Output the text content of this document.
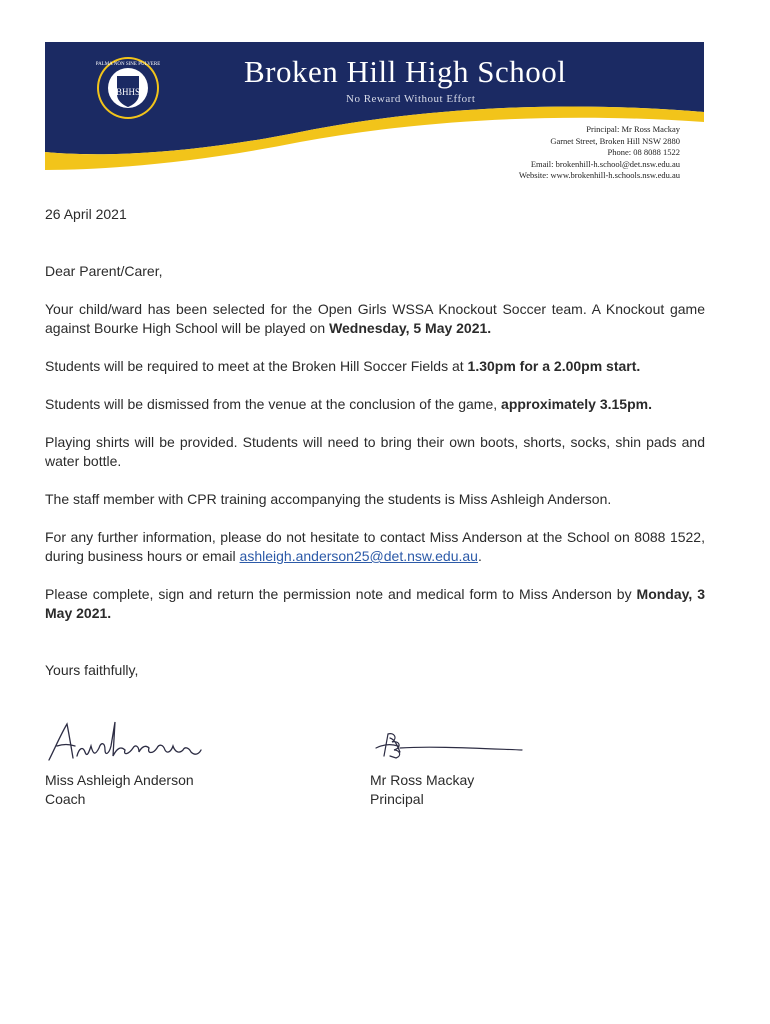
BHHS
PALMA NON SINE PULVERE	Broken Hill High School
No Reward Without Effort
Principal: Mr Ross Mackay
Garnet Street, Broken Hill NSW 2880
Phone: 08 8088 1522
Email: brokenhill-h.school@det.nsw.edu.au
Website: www.brokenhill-h.schools.nsw.edu.au

26 April 2021

Dear Parent/Carer,

Your child/ward has been selected for the Open Girls WSSA Knockout Soccer team. A Knockout game against Bourke High School will be played on Wednesday, 5 May 2021.

Students will be required to meet at the Broken Hill Soccer Fields at 1.30pm for a 2.00pm start.

Students will be dismissed from the venue at the conclusion of the game, approximately 3.15pm.

Playing shirts will be provided. Students will need to bring their own boots, shorts, socks, shin pads and water bottle.

The staff member with CPR training accompanying the students is Miss Ashleigh Anderson.

For any further information, please do not hesitate to contact Miss Anderson at the School on 8088 1522, during business hours or email ashleigh.anderson25@det.nsw.edu.au.

Please complete, sign and return the permission note and medical form to Miss Anderson by Monday, 3 May 2021.

Yours faithfully,

Miss Ashleigh Anderson
Coach
Mr Ross Mackay
Principal
